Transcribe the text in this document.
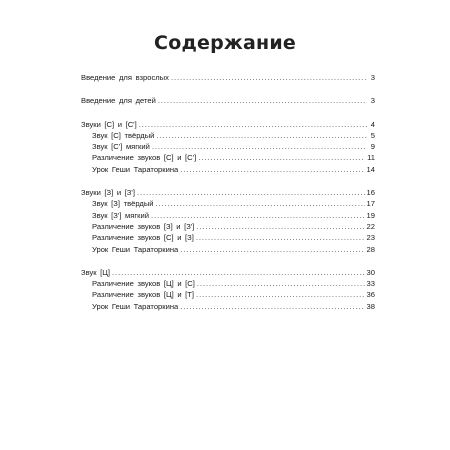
Содержание
Введение для взрослых . . .	3
Введение для детей . . .	3
Звуки [С] и [С'] . . .	4
Звук [С] твёрдый . . .	5
Звук [С'] мягкий . . .	9
Различение звуков [С] и [С'] . . .	11
Урок Геши Тараторкина . . .	14
Звуки [З] и [З'] . . .	16
Звук [З] твёрдый . . .	17
Звук [З'] мягкий . . .	19
Различение звуков [З] и [З'] . . .	22
Различение звуков [С] и [З] . . .	23
Урок Геши Тараторкина . . .	28
Звук [Ц] . . .	30
Различение звуков [Ц] и [С] . . .	33
Различение звуков [Ц] и [Т] . . .	36
Урок Геши Тараторкина . . .	38
